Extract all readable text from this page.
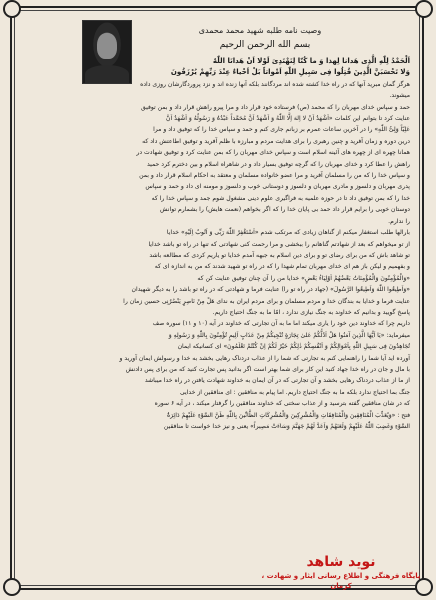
وصیت نامه طلبه شهید محمد محمدی
بسم الله الرحمن الرحیم

اَلْحَمْدُ لِلّٰهِ الَّذِی هَدانا لِهذا وَ ما کُنّا لِنَهْتَدِیَ لَوْلا اَنْ هَدانَا اللّٰهُ

وَلا تَحْسَبَنَّ الَّذِینَ قُتِلُوا فِی سَبِیلِ اللّٰهِ اَمْواتاً بَلْ اَحْیاءٌ عِنْدَ رَبِّهِمْ یُرْزَقُونَ

هرگز گمان مبرید آنها که در راه خدا کشته شده اند مردگانند بلکه آنها زنده اند و نزد پروردگارشان روزی داده

میشوند.

حمد و سپاس خدای مهربان را که محمد (ص) فرستاده خود قرار داد و مرا پیرو راهش قرار داد و بمن توفیق

عنایت کرد تا بتوانم این کلمات «اَشْهَدُ اَنْ لا اِلهَ اِلَّا اللّٰهُ وَ اَشْهَدُ اَنَّ مُحَمَّداً عَبْدُهُ وَ رَسُولُهُ وَ اَشْهَدُ اَنَّ

عَلِیّاً وَلِیُّ اللّٰهِ» را در آخرین ساعات عمرم بر زبانم جاری کنم و حمد و سپاس خدا را که توفیق داد و مرا

درین دوره و زمان آفرید و چنین رهبری را برای هدایت مردم و مبارزه با ظلم آفرید و توفیق اطاعتش داد که

همانا چهره ای از چهره های آئینه اسلام است و سپاس خدای مهربان را که بمن عنایت کرد و توفیق شهادت در

راهش را عطا کرد و خدای مهربان را که گرچه توفیق بسیار داد و در شاهراه اسلام و بین دخترم کرد حمید

و سپاس خدا را که من را مسلمان آفرید و مرا عضو خانواده مسلمان و معتقد به احکام اسلام قرار داد و بمن

پدری مهربان و دلسوز و مادری مهربان و دلسوز و دوستانی خوب و دلسوز و مومنه ای داد و حمد و سپاس

خدا را که بمن توفیق داد تا در حوزه علمیه به فراگیری علوم دینی مشغول شوم جمد و سپاس خدا را که

دوستان خوبی را برایم قرار داد حمد بی پایان خدا را که اگر بخواهم (نعمت هایش) را بشمارم توانش

را ندارم.

بارالها طلب استغفار میکنم از گناهان زیادی که مرتکب شدم «اَسْتَغْفِرُ اللّٰهَ رَبِّی وَ اَتُوبُ اِلَیْهِ» خدایا

از تو میخواهم که بعد از شهادتم گناهانم را ببخشی و مرا رحمت کنی شهادتی که تنها در راه تو باشد خدایا

تو شاهد باش که من برای رضای تو و برای دین اسلام به جبهه آمدم خدایا تو یاریم کردی که مطالعه باشد

و بفهمیم و لیکن باز هم ای خدای مهربان تمام شهدا را که در راه تو شهید شدند که من به اندازه ای که

«وَالْمُؤْمِنُونَ وَالْمُؤْمِنَاتُ بَعْضُهُمْ اَوْلِیَاءُ بَعْضٍ» خدایا من را آن چنان توفیق عنایت کن که

«وَاَطِیعُوا اللّٰهَ وَاَطِیعُوا الرَّسُولَ» (جهاد در راه تو را) عنایت فرما و شهادتی که در راه تو باشد را به دیگر شهیدان

عنایت فرما و خدایا به بندگان خدا و مردم مسلمان و برای مردم ایران به ندای هَلْ مِنْ نَاصِرٍ یَنْصُرُنِی حسین زمان را

پاسخ گویید و بدانیم که خداوند به جنگ نیازی ندارد ، امّا ما به جنگ احتیاج داریم.

داریم چرا که خداوند دین خود را یاری میکند اما ما به آن تجارتی که خداوند در آیه (۱۰ و ۱۱) سوره صف

میفرماید: «یَا اَیُّهَا الَّذِینَ آمَنُوا هَلْ اَدُلُّکُمْ عَلیٰ تِجَارَةٍ تُنْجِیکُمْ مِنْ عَذَابٍ اَلِیمٍ تُؤْمِنُونَ بِاللّٰهِ وَ رَسُولِهِ وَ

تُجَاهِدُونَ فِی سَبِیلِ اللّٰهِ بِاَمْوَالِکُمْ وَ اَنْفُسِکُمْ ذٰلِکُمْ خَیْرٌ لَکُمْ اِنْ کُنْتُمْ تَعْلَمُونَ» ای کسانیکه ایمان

آورده اید آیا شما را راهنمایی کنم به تجارتی که شما را از عذاب دردناک رهایی بخشد به خدا و رسولش ایمان آورید و

با مال و جان در راه خدا جهاد کنید این کار برای شما بهتر است اگر بدانید پس تجارت کنید که من برای پس دادنش

از ما از عذاب دردناک رهایی بخشد و آن تجارتی که در آن ایمان به خداوند شهادت یافتن در راه خدا میباشد

جنگ بما احتیاج ندارد بلکه ما به جنگ احتیاج داریم. اما پیام به منافقین : ای منافقین از خدایی

که در شان منافقین گفته بترسید و از عذاب سختی که خداوند منافقین را گرفتار میکند ، در آیه ۶ سوره

فتح : «وَیُعَذِّبَ الْمُنَافِقِینَ وَالْمُنَافِقَاتِ وَالْمُشْرِکِینَ وَالْمُشْرِکَاتِ الظَّانِّینَ بِاللّٰهِ ظَنَّ السَّوْءِ عَلَیْهِمْ دَائِرَةُ

السَّوْءِ وَغَضِبَ اللّٰهُ عَلَیْهِمْ وَلَعَنَهُمْ وَاَعَدَّ لَهُمْ جَهَنَّمَ وَسَاءَتْ مَصِیراً» یعنی و نیز خدا خواست تا منافقین

نوید شاهد
پایگاه فرهنگی و اطلاع رسانی ایثار و شهادت ، کرمان
